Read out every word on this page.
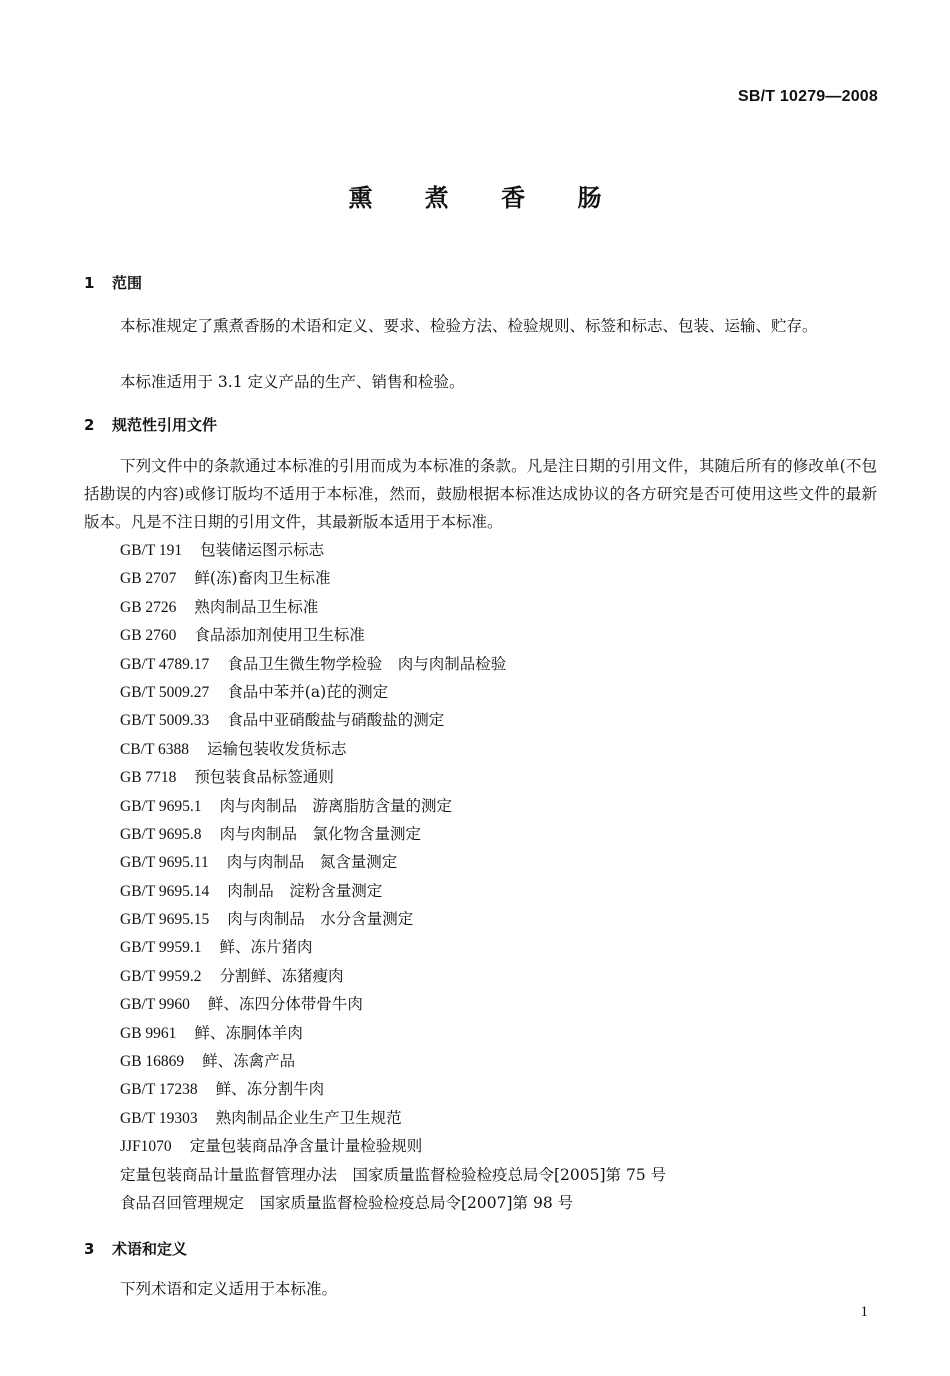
SB/T 10279—2008
熏 煮 香 肠
1 范围
本标准规定了熏煮香肠的术语和定义、要求、检验方法、检验规则、标签和标志、包装、运输、贮存。
本标准适用于 3.1 定义产品的生产、销售和检验。
2 规范性引用文件
下列文件中的条款通过本标准的引用而成为本标准的条款。凡是注日期的引用文件，其随后所有的修改单(不包括勘误的内容)或修订版均不适用于本标准，然而，鼓励根据本标准达成协议的各方研究是否可使用这些文件的最新版本。凡是不注日期的引用文件，其最新版本适用于本标准。
GB/T 191 包装储运图示标志
GB 2707 鲜(冻)畜肉卫生标准
GB 2726 熟肉制品卫生标准
GB 2760 食品添加剂使用卫生标准
GB/T 4789.17 食品卫生微生物学检验　肉与肉制品检验
GB/T 5009.27 食品中苯并(a)芘的测定
GB/T 5009.33 食品中亚硝酸盐与硝酸盐的测定
CB/T 6388 运输包装收发货标志
GB 7718 预包装食品标签通则
GB/T 9695.1 肉与肉制品　游离脂肪含量的测定
GB/T 9695.8 肉与肉制品　氯化物含量测定
GB/T 9695.11 肉与肉制品　氮含量测定
GB/T 9695.14 肉制品　淀粉含量测定
GB/T 9695.15 肉与肉制品　水分含量测定
GB/T 9959.1 鲜、冻片猪肉
GB/T 9959.2 分割鲜、冻猪瘦肉
GB/T 9960 鲜、冻四分体带骨牛肉
GB 9961 鲜、冻胴体羊肉
GB 16869 鲜、冻禽产品
GB/T 17238 鲜、冻分割牛肉
GB/T 19303 熟肉制品企业生产卫生规范
JJF1070 定量包装商品净含量计量检验规则
定量包装商品计量监督管理办法　国家质量监督检验检疫总局令[2005]第 75 号
食品召回管理规定　国家质量监督检验检疫总局令[2007]第 98 号
3 术语和定义
下列术语和定义适用于本标准。
1
